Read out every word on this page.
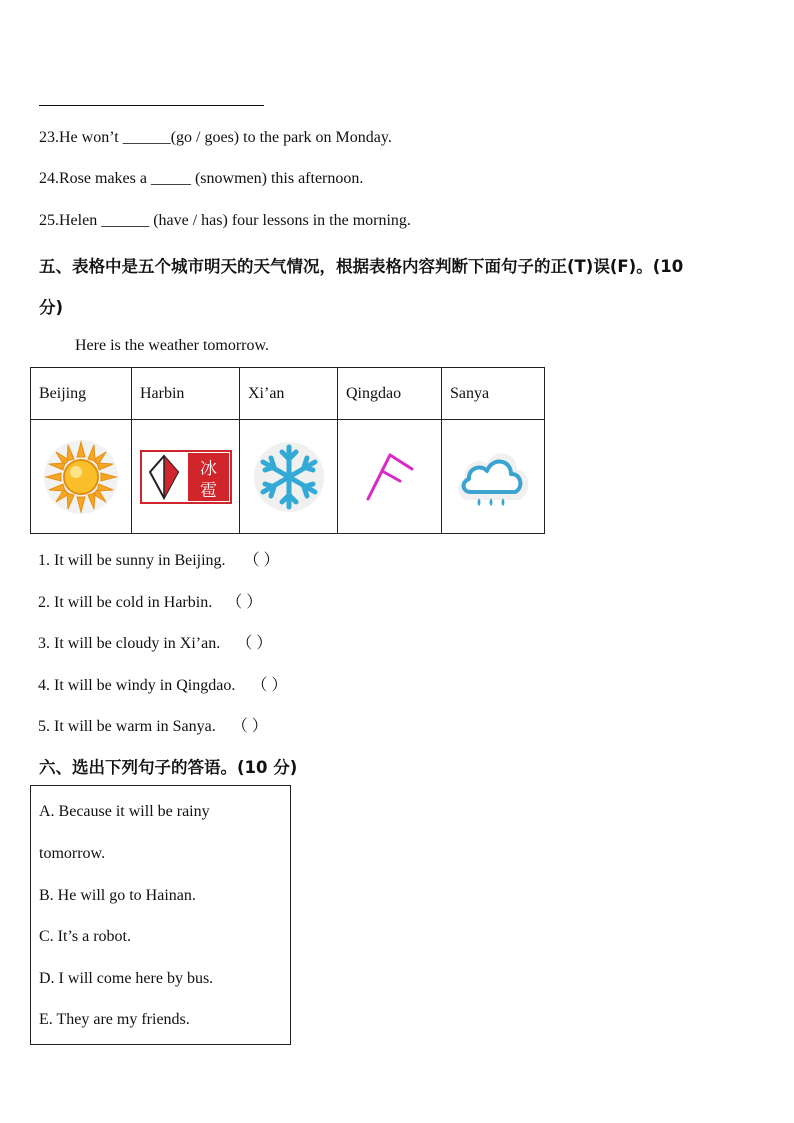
23.He won’t ______(go / goes) to the park on Monday.
24.Rose makes a _____ (snowmen) this afternoon.
25.Helen ______ (have / has) four lessons in the morning.
五、表格中是五个城市明天的天气情况，根据表格内容判断下面句子的正(T)误(F)。(10
分)
Here is the weather tomorrow.
Beijing	Harbin	Xi’an	Qingdao	Sanya

冰
雹

1. It will be sunny in Beijing. （ ）
2. It will be cold in Harbin. （ ）
3. It will be cloudy in Xi’an. （ ）
4. It will be windy in Qingdao. （ ）
5. It will be warm in Sanya. （ ）
六、选出下列句子的答语。(10 分)
A. Because it will be rainy
tomorrow.
B. He will go to Hainan.
C. It’s a robot.
D. I will come here by bus.
E. They are my friends.
